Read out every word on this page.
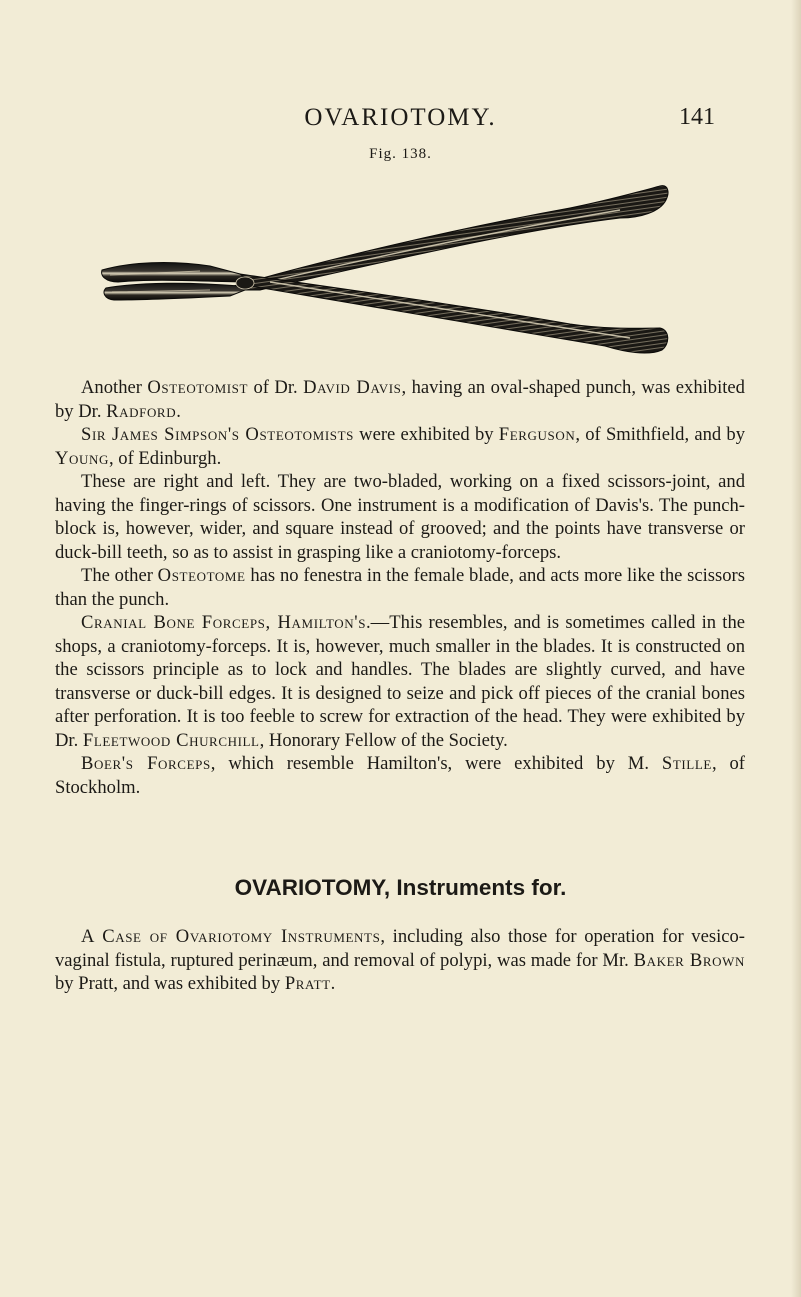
OVARIOTOMY.	141
Fig. 138.

Another Osteotomist of Dr. David Davis, having an oval-shaped punch, was exhibited by Dr. Radford.

Sir James Simpson's Osteotomists were exhibited by Ferguson, of Smithfield, and by Young, of Edinburgh.

These are right and left. They are two-bladed, working on a fixed scissors-joint, and having the finger-rings of scissors. One instrument is a modification of Davis's. The punch-block is, however, wider, and square instead of grooved; and the points have transverse or duck-bill teeth, so as to assist in grasping like a craniotomy-forceps.

The other Osteotome has no fenestra in the female blade, and acts more like the scissors than the punch.

Cranial Bone Forceps, Hamilton's.—This resembles, and is sometimes called in the shops, a craniotomy-forceps. It is, however, much smaller in the blades. It is constructed on the scissors principle as to lock and handles. The blades are slightly curved, and have transverse or duck-bill edges. It is designed to seize and pick off pieces of the cranial bones after perforation. It is too feeble to screw for extraction of the head. They were exhibited by Dr. Fleetwood Churchill, Honorary Fellow of the Society.

Boer's Forceps, which resemble Hamilton's, were exhibited by M. Stille, of Stockholm.

OVARIOTOMY, Instruments for.

A Case of Ovariotomy Instruments, including also those for operation for vesico-vaginal fistula, ruptured perinæum, and removal of polypi, was made for Mr. Baker Brown by Pratt, and was exhibited by Pratt.
